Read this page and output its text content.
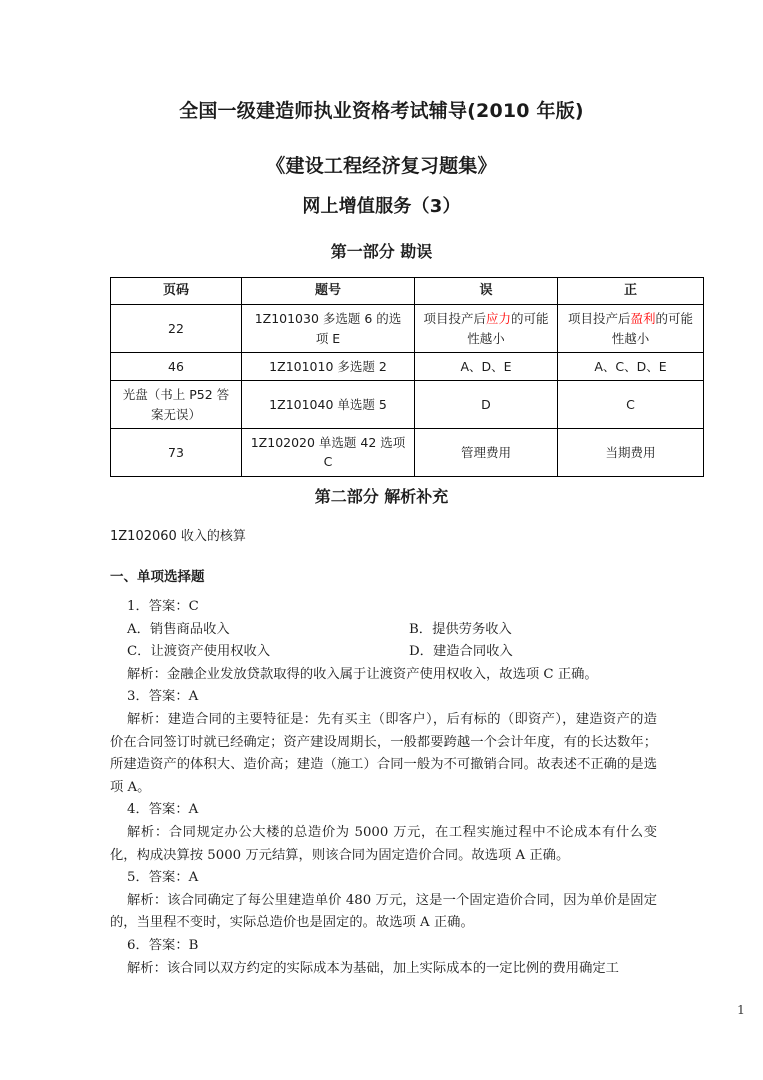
全国一级建造师执业资格考试辅导(2010 年版)
《建设工程经济复习题集》
网上增值服务（3）
第一部分 勘误
页码	题号	误	正
22	1Z101030 多选题 6 的选 项 E	项目投产后应力的可能性越小	项目投产后盈利的可能性越小
46	1Z101010 多选题 2	A、D、E	A、C、D、E
光盘（书上 P52 答案无误）	1Z101040 单选题 5	D	C
73	1Z102020 单选题 42 选项 C	管理费用	当期费用
第二部分 解析补充
1Z102060 收入的核算
一、单项选择题
1．答案：C
A．销售商品收入	B．提供劳务收入
C．让渡资产使用权收入	D．建造合同收入
解析：金融企业发放贷款取得的收入属于让渡资产使用权收入，故选项 C 正确。
3．答案：A
解析：建造合同的主要特征是：先有买主（即客户），后有标的（即资产），建造资产的造价在合同签订时就已经确定；资产建设周期长，一般都要跨越一个会计年度，有的长达数年；所建造资产的体积大、造价高；建造（施工）合同一般为不可撤销合同。故表述不正确的是选项 A。
4．答案：A
解析：合同规定办公大楼的总造价为 5000 万元，在工程实施过程中不论成本有什么变化，构成决算按 5000 万元结算，则该合同为固定造价合同。故选项 A 正确。
5．答案：A
解析：该合同确定了每公里建造单价 480 万元，这是一个固定造价合同，因为单价是固定的，当里程不变时，实际总造价也是固定的。故选项 A 正确。
6．答案：B
解析：该合同以双方约定的实际成本为基础，加上实际成本的一定比例的费用确定工
1
